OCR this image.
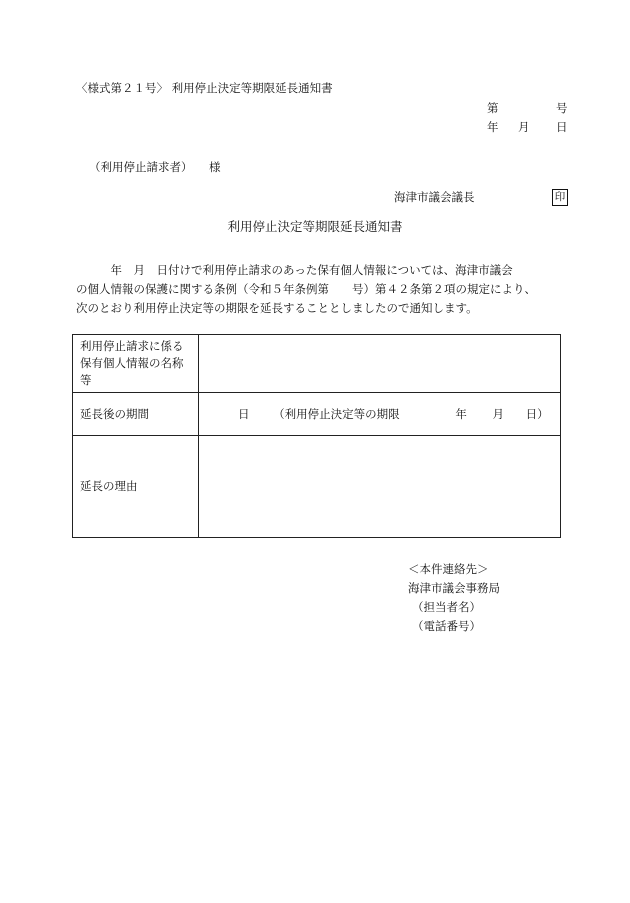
〈様式第２１号〉 利用停止決定等期限延長通知書
第	号
年 月 日
（利用停止請求者） 様
海津市議会議長	印
利用停止決定等期限延長通知書
　　　年　月　日付けで利用停止請求のあった保有個人情報については、海津市議会
の個人情報の保護に関する条例（令和５年条例第　　号）第４２条第２項の規定により、
次のとおり利用停止決定等の期限を延長することとしましたので通知します。
利用停止請求に係る
保有個人情報の名称
等	

延長後の期間	日 （利用停止決定等の期限 年 月 日）

延長の理由	
＜本件連絡先＞
海津市議会事務局
（担当者名）
（電話番号）
